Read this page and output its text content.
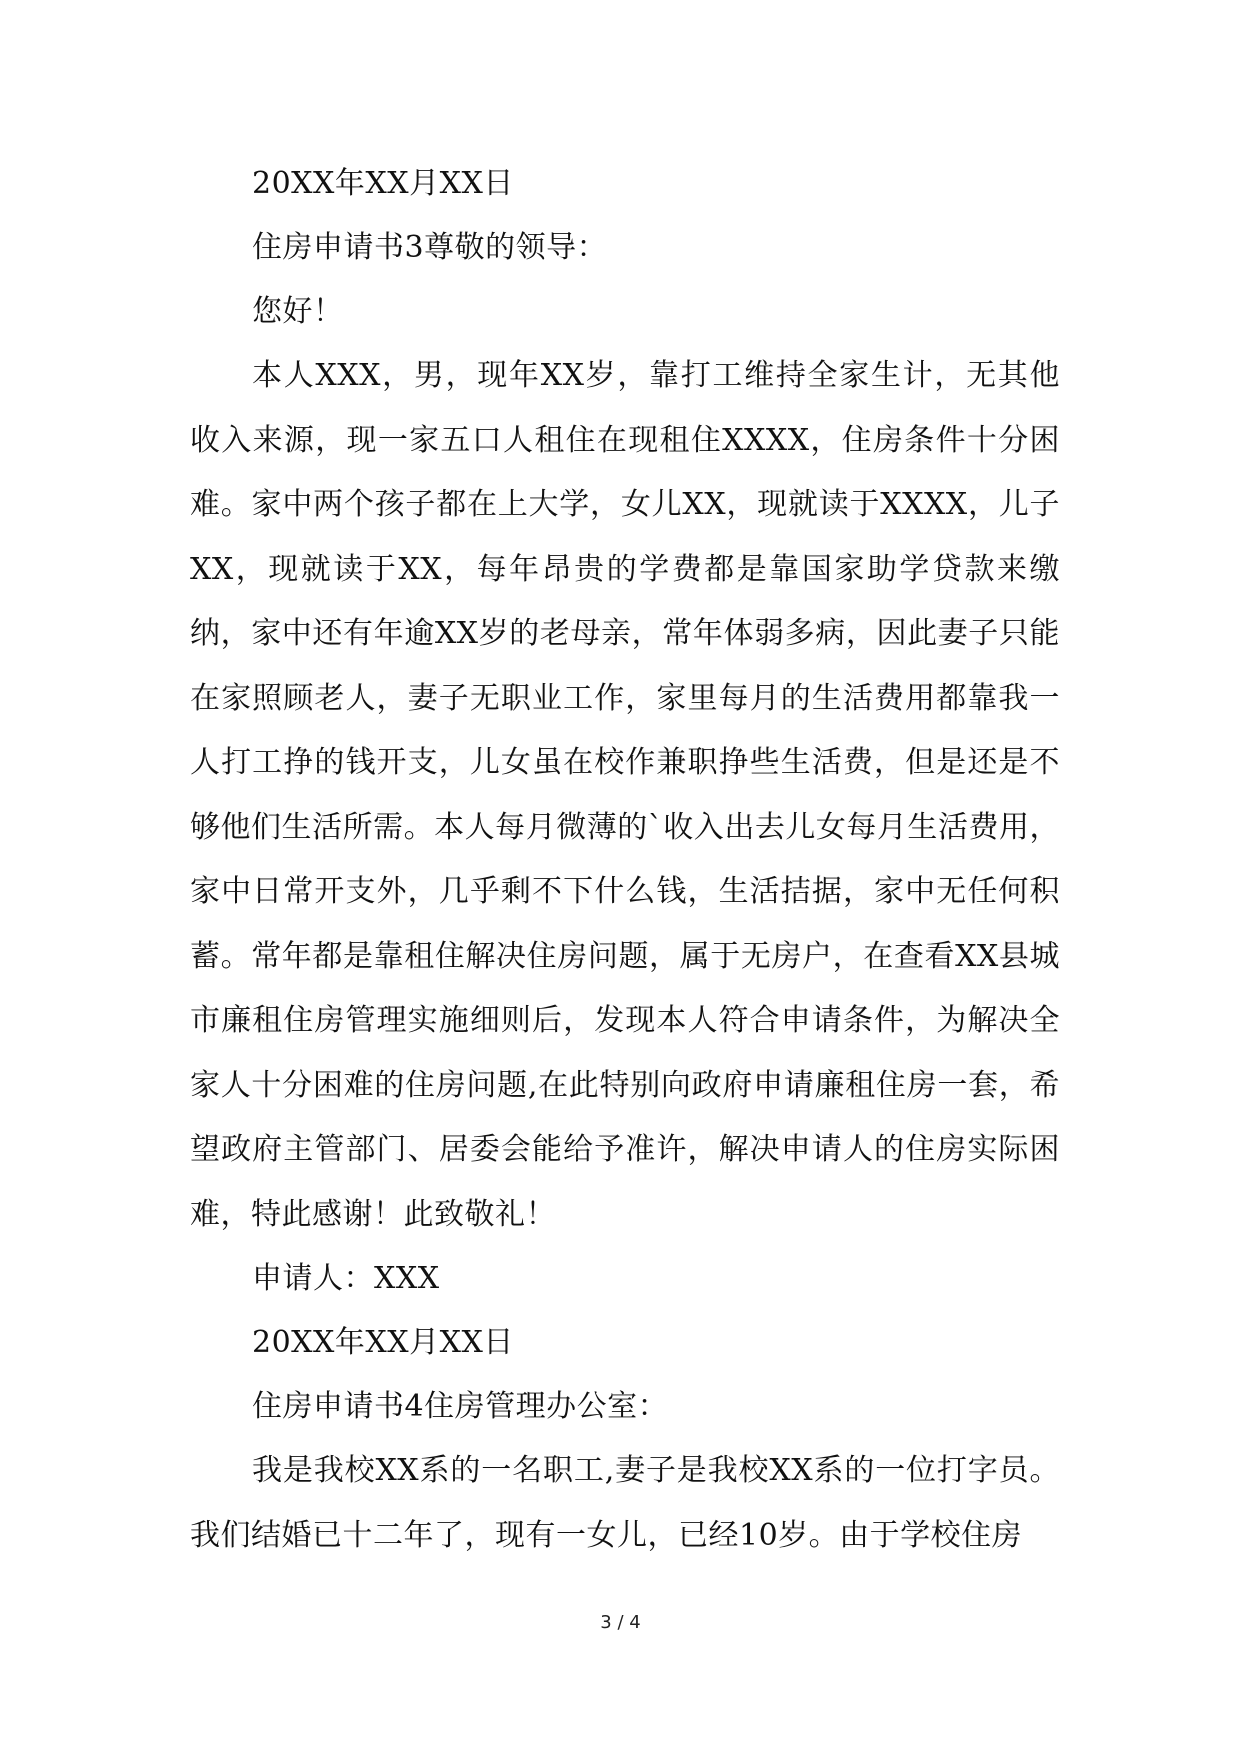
20XX年XX月XX日

住房申请书3尊敬的领导：

您好！

本人XXX，男，现年XX岁，靠打工维持全家生计，无其他收入来源，现一家五口人租住在现租住XXXX，住房条件十分困难。家中两个孩子都在上大学，女儿XX，现就读于XXXX，儿子XX，现就读于XX，每年昂贵的学费都是靠国家助学贷款来缴纳，家中还有年逾XX岁的老母亲，常年体弱多病，因此妻子只能在家照顾老人，妻子无职业工作，家里每月的生活费用都靠我一人打工挣的钱开支，儿女虽在校作兼职挣些生活费，但是还是不够他们生活所需。本人每月微薄的`收入出去儿女每月生活费用，家中日常开支外，几乎剩不下什么钱，生活拮据，家中无任何积蓄。常年都是靠租住解决住房问题，属于无房户，在查看XX县城市廉租住房管理实施细则后，发现本人符合申请条件，为解决全家人十分困难的住房问题,在此特别向政府申请廉租住房一套，希望政府主管部门、居委会能给予准许，解决申请人的住房实际困难，特此感谢！此致敬礼！

申请人：XXX

20XX年XX月XX日

住房申请书4住房管理办公室：

我是我校XX系的一名职工,妻子是我校XX系的一位打字员。我们结婚已十二年了，现有一女儿，已经10岁。由于学校住房

3 / 4
